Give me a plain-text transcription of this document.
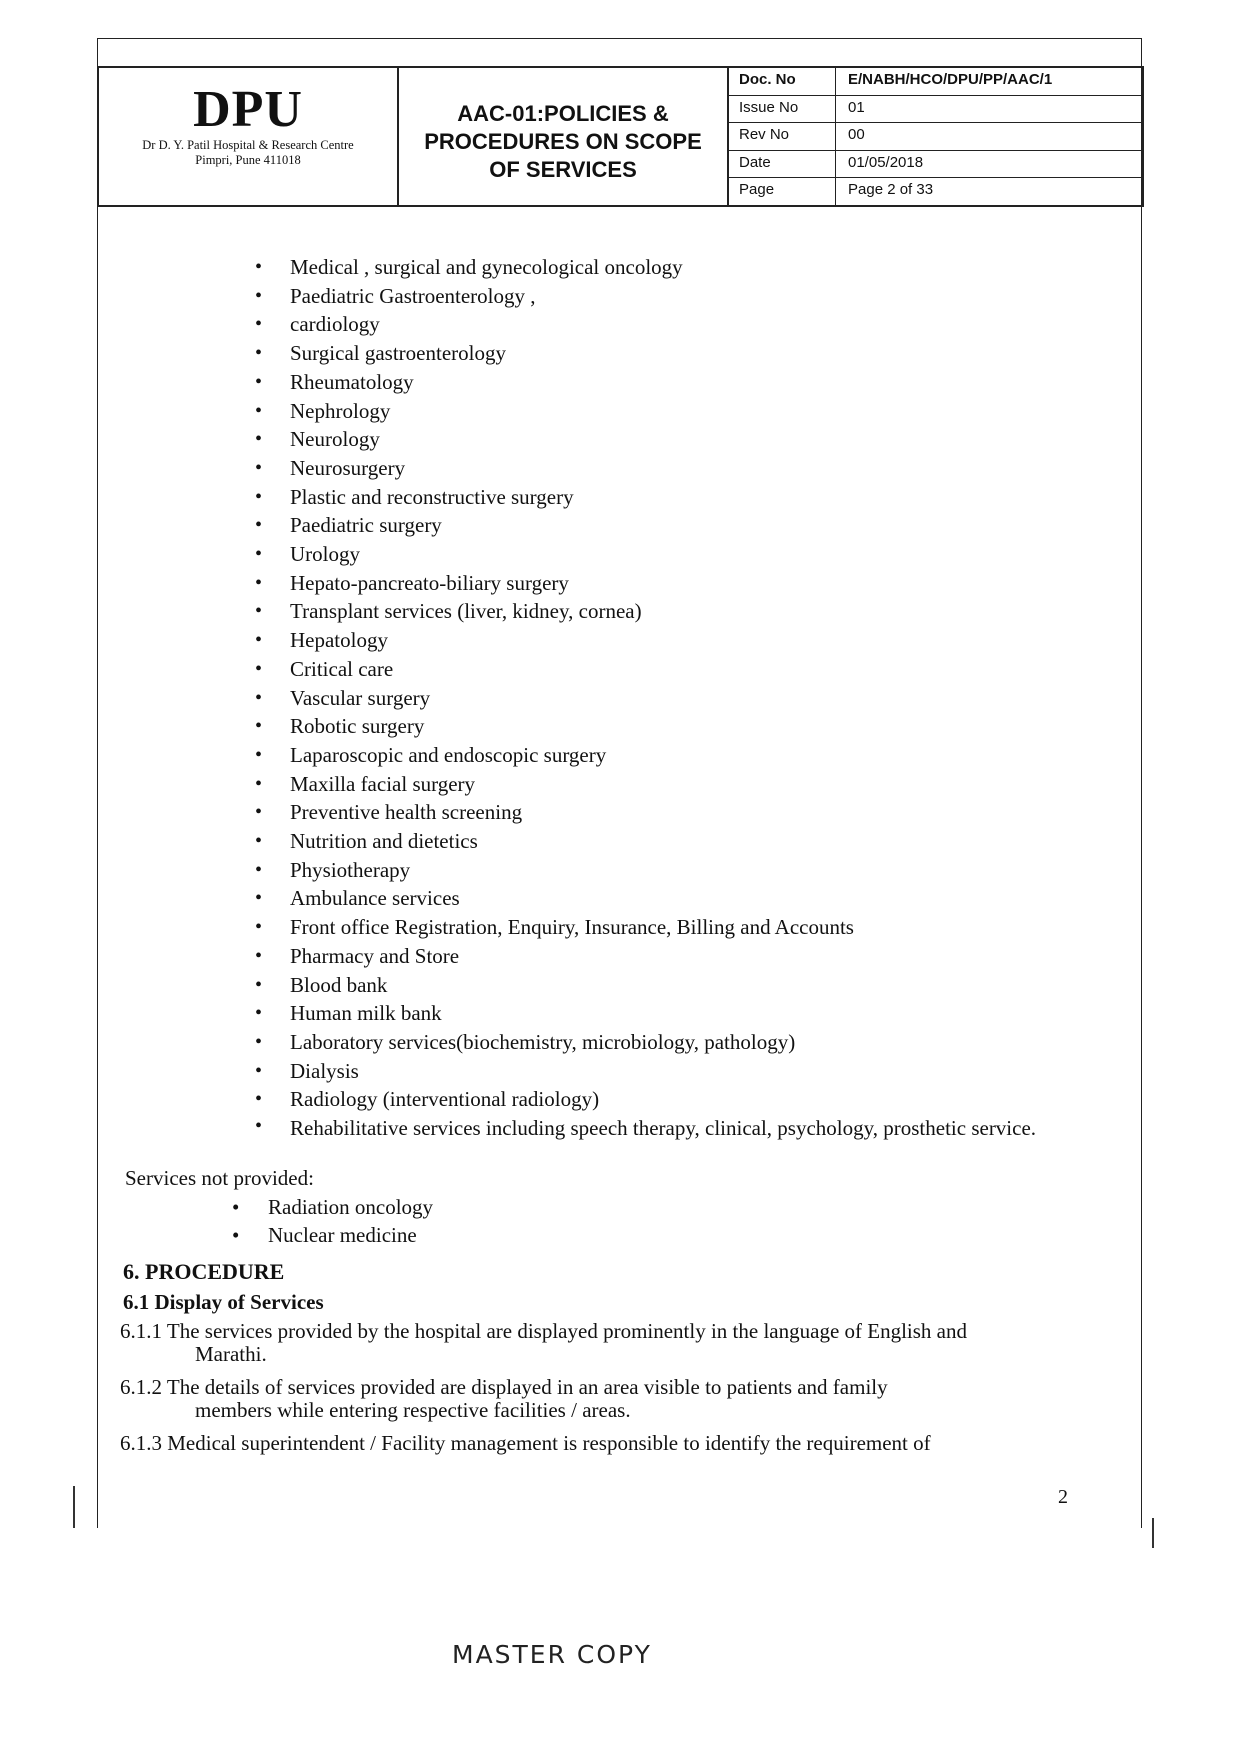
DPU
Dr D. Y. Patil Hospital & Research Centre
Pimpri, Pune 411018
AAC-01:POLICIES &
PROCEDURES ON SCOPE
OF SERVICES
Doc. No	E/NABH/HCO/DPU/PP/AAC/1
Issue No	01
Rev No	00
Date	01/05/2018
Page	Page 2 of 33
• Medical , surgical and gynecological oncology
• Paediatric Gastroenterology ,
• cardiology
• Surgical gastroenterology
• Rheumatology
• Nephrology
• Neurology
• Neurosurgery
• Plastic and reconstructive surgery
• Paediatric surgery
• Urology
• Hepato-pancreato-biliary surgery
• Transplant services (liver, kidney, cornea)
• Hepatology
• Critical care
• Vascular surgery
• Robotic surgery
• Laparoscopic and endoscopic surgery
• Maxilla facial surgery
• Preventive health screening
• Nutrition and dietetics
• Physiotherapy
• Ambulance services
• Front office Registration, Enquiry, Insurance, Billing and Accounts
• Pharmacy and Store
• Blood bank
• Human milk bank
• Laboratory services(biochemistry, microbiology, pathology)
• Dialysis
• Radiology (interventional radiology)
• Rehabilitative services including speech therapy, clinical, psychology, prosthetic service.
Services not provided:
• Radiation oncology
• Nuclear medicine
6. PROCEDURE
6.1 Display of Services
6.1.1 The services provided by the hospital are displayed prominently in the language of English and
Marathi.
6.1.2 The details of services provided are displayed in an area visible to patients and family
members while entering respective facilities / areas.
6.1.3 Medical superintendent / Facility management is responsible to identify the requirement of
2
MASTER COPY
